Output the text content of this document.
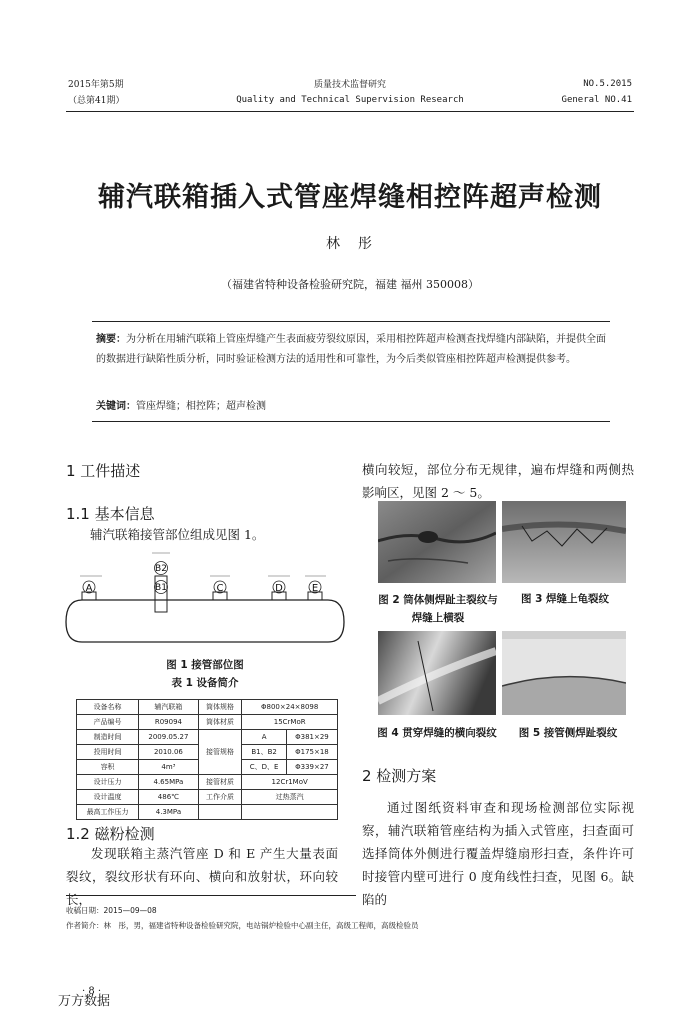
2015年第5期
（总第41期）
质量技术监督研究
Quality and Technical Supervision Research
NO.5.2015
General NO.41
辅汽联箱插入式管座焊缝相控阵超声检测
林　彤
（福建省特种设备检验研究院，福建 福州 350008）
摘要：为分析在用辅汽联箱上管座焊缝产生表面疲劳裂纹原因，采用相控阵超声检测查找焊缝内部缺陷，并提供全面的数据进行缺陷性质分析，同时验证检测方法的适用性和可靠性，为今后类似管座相控阵超声检测提供参考。
关键词：管座焊缝；相控阵；超声检测
1 工件描述
1.1 基本信息
辅汽联箱接管部位组成见图 1。
A
B2
B1	C	D	E
图 1 接管部位图
表 1 设备简介
设备名称	辅汽联箱	筒体规格	Φ800×24×8098	
产品编号	R09094	筒体材质	15CrMoR	
制造时间	2009.05.27	接管规格	A	Φ381×29
投用时间	2010.06		B1、B2	Φ175×18
容积	4m³		C、D、E	Φ339×27
设计压力	4.65MPa	接管材质	12Cr1MoV	
设计温度	486℃	工作介质	过热蒸汽	
最高工作压力	4.3MPa			
1.2 磁粉检测
发现联箱主蒸汽管座 D 和 E 产生大量表面裂纹，裂纹形状有环向、横向和放射状，环向较长，
横向较短，部位分布无规律，遍布焊缝和两侧热影响区，见图 2 ～ 5。
图 2 筒体侧焊趾主裂纹与焊缝上横裂
图 3 焊缝上龟裂纹
图 4 贯穿焊缝的横向裂纹	图 5 接管侧焊趾裂纹
2 检测方案
通过图纸资料审查和现场检测部位实际视察，辅汽联箱管座结构为插入式管座，扫查面可选择筒体外侧进行覆盖焊缝扇形扫查，条件许可时接管内壁可进行 0 度角线性扫查，见图 6。缺陷的
收稿日期：2015—09—08
作者简介：林　彤，男，福建省特种设备检验研究院，电站锅炉检验中心副主任，高级工程师，高级检验员
· 8 ·
万方数据
